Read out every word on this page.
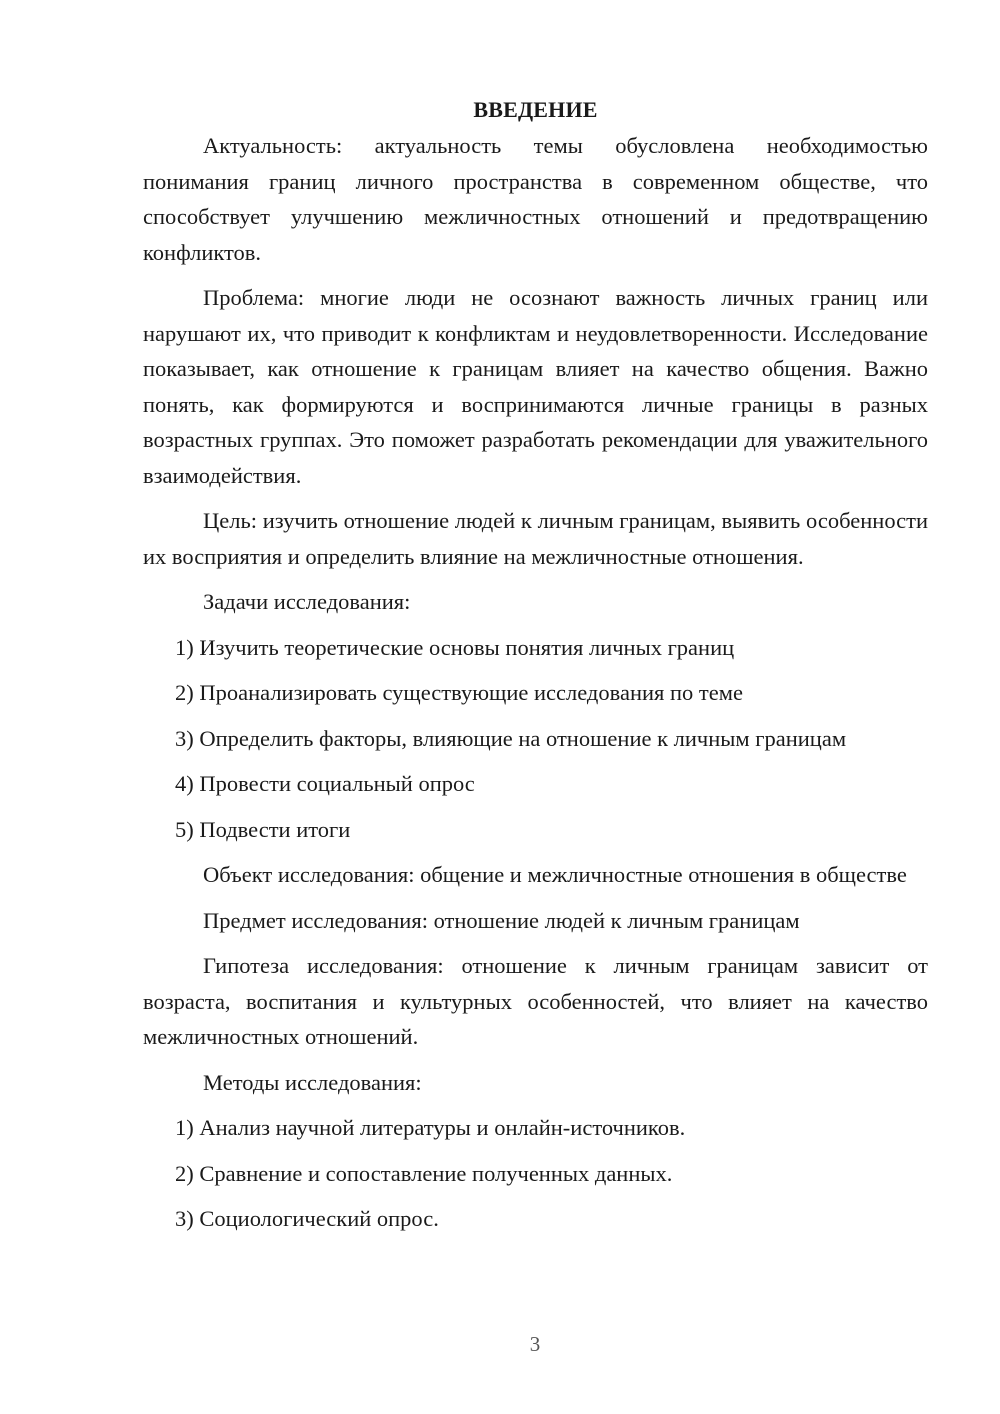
ВВЕДЕНИЕ

Актуальность: актуальность темы обусловлена необходимостью понимания границ личного пространства в современном обществе, что способствует улучшению межличностных отношений и предотвращению конфликтов.

Проблема: многие люди не осознают важность личных границ или нарушают их, что приводит к конфликтам и неудовлетворенности. Исследование показывает, как отношение к границам влияет на качество общения. Важно понять, как формируются и воспринимаются личные границы в разных возрастных группах. Это поможет разработать рекомендации для уважительного взаимодействия.

Цель: изучить отношение людей к личным границам, выявить особенности их восприятия и определить влияние на межличностные отношения.

Задачи исследования:

1) Изучить теоретические основы понятия личных границ

2) Проанализировать существующие исследования по теме

3) Определить факторы, влияющие на отношение к личным границам

4) Провести социальный опрос

5) Подвести итоги

Объект исследования: общение и межличностные отношения в обществе

Предмет исследования: отношение людей к личным границам

Гипотеза исследования: отношение к личным границам зависит от возраста, воспитания и культурных особенностей, что влияет на качество межличностных отношений.

Методы исследования:

1) Анализ научной литературы и онлайн-источников.

2) Сравнение и сопоставление полученных данных.

3) Социологический опрос.

3
